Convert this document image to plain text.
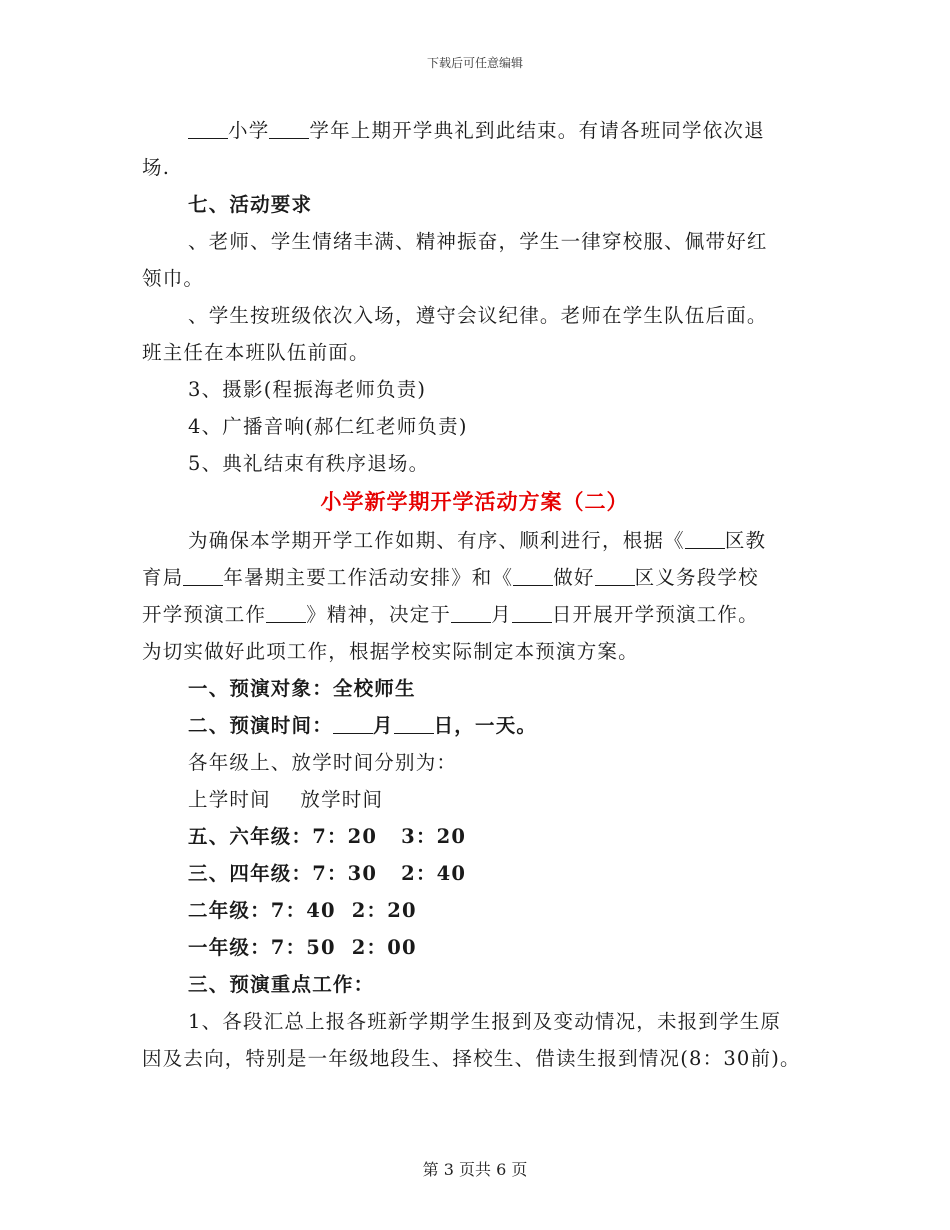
下载后可任意编辑
小学 学年上期开学典礼到此结束。有请各班同学依次退
场.
七、活动要求
、老师、学生情绪丰满、精神振奋，学生一律穿校服、佩带好红
领巾。
、学生按班级依次入场，遵守会议纪律。老师在学生队伍后面。
班主任在本班队伍前面。
3、摄影(程振海老师负责)
4、广播音响(郝仁红老师负责)
5、典礼结束有秩序退场。
小学新学期开学活动方案（二）
为确保本学期开学工作如期、有序、顺利进行，根据《 区教
育局 年暑期主要工作活动安排》和《 做好 区义务段学校
开学预演工作 》精神，决定于 月 日开展开学预演工作。
为切实做好此项工作，根据学校实际制定本预演方案。
一、预演对象：全校师生
二、预演时间： 月 日，一天。
各年级上、放学时间分别为：
上学时间    放学时间
五、六年级：7：20   3：20
三、四年级：7：30   2：40
二年级：7：40  2：20
一年级：7：50  2：00
三、预演重点工作：
1、各段汇总上报各班新学期学生报到及变动情况，未报到学生原
因及去向，特别是一年级地段生、择校生、借读生报到情况(8：30前)。
第 3 页共 6 页
